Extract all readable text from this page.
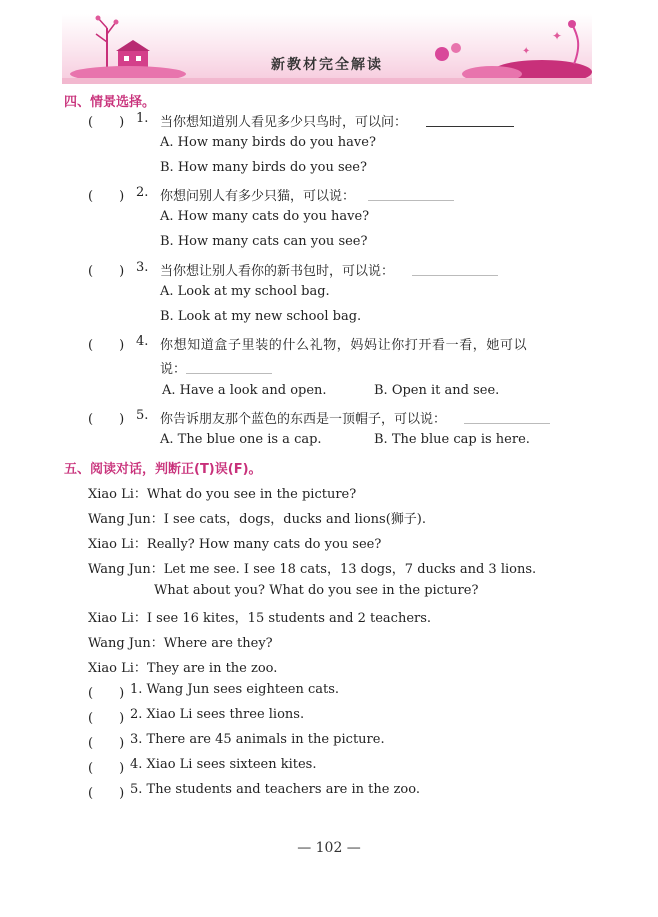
✦
✦
新教材完全解读
四、情景选择。
(　　) 1. 当你想知道别人看见多少只鸟时，可以问：
A. How many birds do you have?
B. How many birds do you see?
(　　) 2. 你想问别人有多少只猫，可以说：
A. How many cats do you have?
B. How many cats can you see?
(　　) 3. 当你想让别人看你的新书包时，可以说：
A. Look at my school bag.
B. Look at my new school bag.
(　　) 4. 你想知道盒子里装的什么礼物，妈妈让你打开看一看，她可以
说：
A. Have a look and open.	B. Open it and see.
(　　) 5. 你告诉朋友那个蓝色的东西是一顶帽子，可以说：
A. The blue one is a cap.	B. The blue cap is here.
五、阅读对话，判断正(T)误(F)。
Xiao Li：What do you see in the picture?
Wang Jun：I see cats，dogs，ducks and lions(狮子).
Xiao Li：Really? How many cats do you see?
Wang Jun：Let me see. I see 18 cats，13 dogs，7 ducks and 3 lions.
What about you? What do you see in the picture?
Xiao Li：I see 16 kites，15 students and 2 teachers.
Wang Jun：Where are they?
Xiao Li：They are in the zoo.
(　　) 1. Wang Jun sees eighteen cats.
(　　) 2. Xiao Li sees three lions.
(　　) 3. There are 45 animals in the picture.
(　　) 4. Xiao Li sees sixteen kites.
(　　) 5. The students and teachers are in the zoo.
— 102 —
